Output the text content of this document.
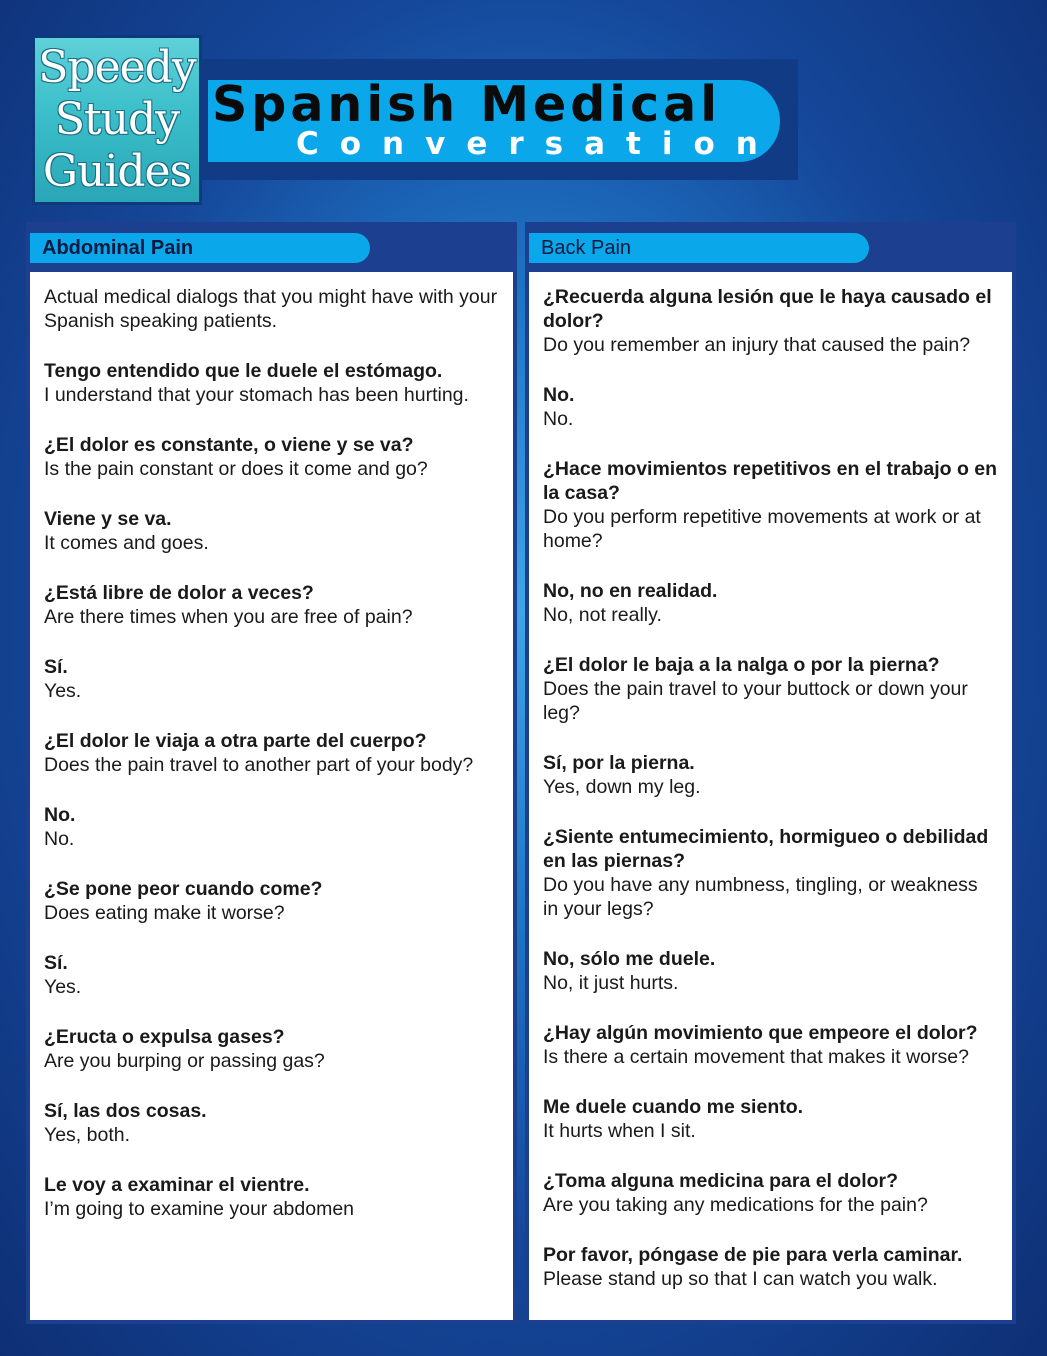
Speedy
Study
Guides
Spanish Medical
Conversation
Abdominal Pain
Actual medical dialogs that you might have with your Spanish speaking patients.
Tengo entendido que le duele el estómago.
I understand that your stomach has been hurting.
¿El dolor es constante, o viene y se va?
Is the pain constant or does it come and go?
Viene y se va.
It comes and goes.
¿Está libre de dolor a veces?
Are there times when you are free of pain?
Sí.
Yes.
¿El dolor le viaja a otra parte del cuerpo?
Does the pain travel to another part of your body?
No.
No.
¿Se pone peor cuando come?
Does eating make it worse?
Sí.
Yes.
¿Eructa o expulsa gases?
Are you burping or passing gas?
Sí, las dos cosas.
Yes, both.
Le voy a examinar el vientre.
I’m going to examine your abdomen
Back Pain
¿Recuerda alguna lesión que le haya causado el dolor?
Do you remember an injury that caused the pain?
No.
No.
¿Hace movimientos repetitivos en el trabajo o en la casa?
Do you perform repetitive movements at work or at home?
No, no en realidad.
No, not really.
¿El dolor le baja a la nalga o por la pierna?
Does the pain travel to your buttock or down your leg?
Sí, por la pierna.
Yes, down my leg.
¿Siente entumecimiento, hormigueo o debilidad en las piernas?
Do you have any numbness, tingling, or weakness in your legs?
No, sólo me duele.
No, it just hurts.
¿Hay algún movimiento que empeore el dolor?
Is there a certain movement that makes it worse?
Me duele cuando me siento.
It hurts when I sit.
¿Toma alguna medicina para el dolor?
Are you taking any medications for the pain?
Por favor, póngase de pie para verla caminar.
Please stand up so that I can watch you walk.
